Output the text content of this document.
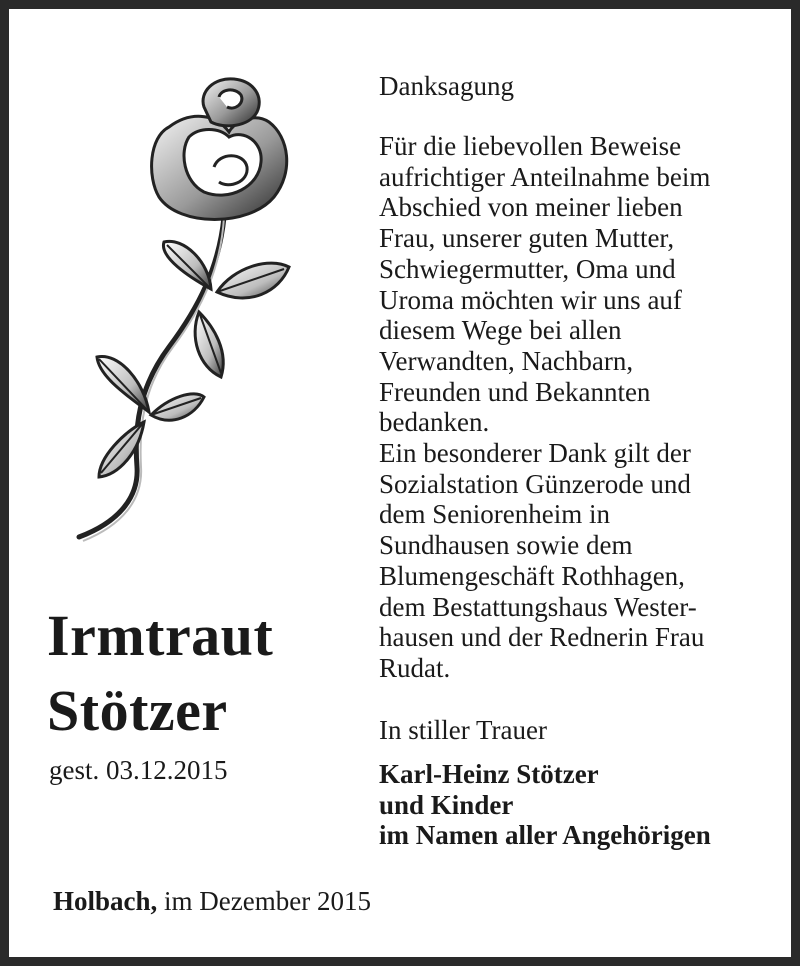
Irmtraut
Stötzer
gest. 03.12.2015
Danksagung

Für die liebevollen Beweise
aufrichtiger Anteilnahme beim
Abschied von meiner lieben
Frau, unserer guten Mutter,
Schwiegermutter, Oma und
Uroma möchten wir uns auf
diesem Wege bei allen
Verwandten, Nachbarn,
Freunden und Bekannten
bedanken.
Ein besonderer Dank gilt der
Sozialstation Günzerode und
dem Seniorenheim in
Sundhausen sowie dem
Blumengeschäft Rothhagen,
dem Bestattungshaus Wester-
hausen und der Rednerin Frau
Rudat.

In stiller Trauer
Karl-Heinz Stötzer
und Kinder
im Namen aller Angehörigen
Holbach, im Dezember 2015
